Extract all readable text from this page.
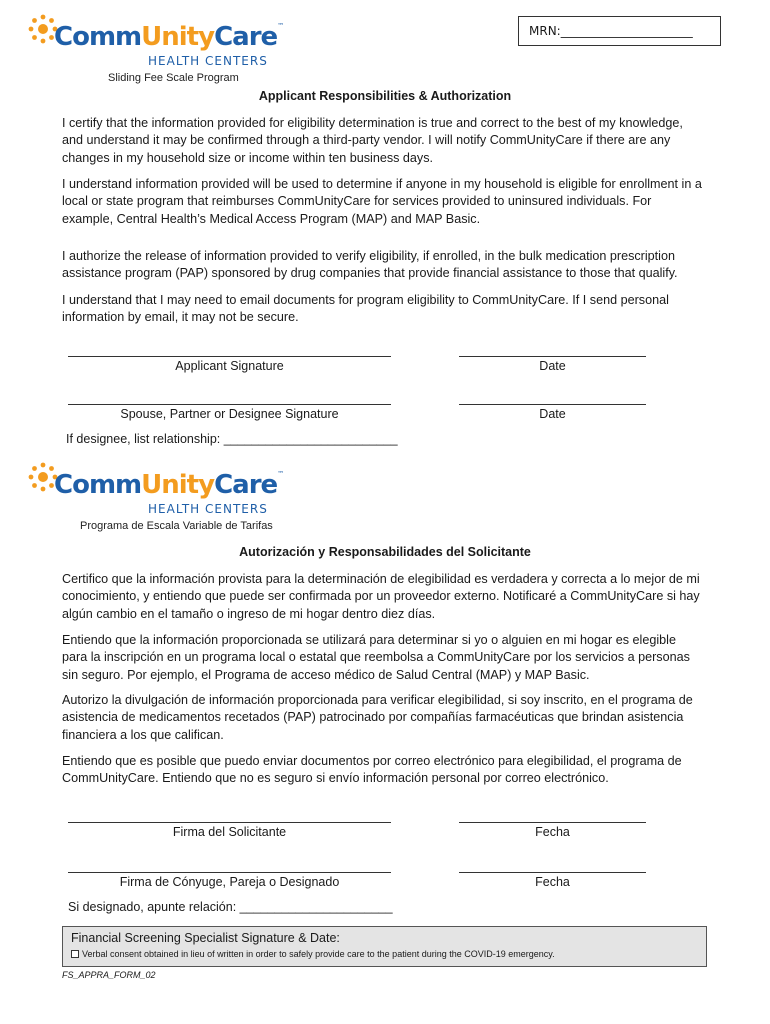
MRN:______________________
CommUnityCare™
HEALTH CENTERS
Sliding Fee Scale Program
Applicant Responsibilities & Authorization

I certify that the information provided for eligibility determination is true and correct to the best of my knowledge, and understand it may be confirmed through a third-party vendor. I will notify CommUnityCare if there are any changes in my household size or income within ten business days.

I understand information provided will be used to determine if anyone in my household is eligible for enrollment in a local or state program that reimburses CommUnityCare for services provided to uninsured individuals. For example, Central Health’s Medical Access Program (MAP) and MAP Basic.

I authorize the release of information provided to verify eligibility, if enrolled, in the bulk medication prescription assistance program (PAP) sponsored by drug companies that provide financial assistance to those that qualify.

I understand that I may need to email documents for program eligibility to CommUnityCare. If I send personal information by email, it may not be secure.

Applicant Signature	Date
Spouse, Partner or Designee Signature	Date
If designee, list relationship: _________________________
CommUnityCare™
HEALTH CENTERS
Programa de Escala Variable de Tarifas
Autorización y Responsabilidades del Solicitante

Certifico que la información provista para la determinación de elegibilidad es verdadera y correcta a lo mejor de mi conocimiento, y entiendo que puede ser confirmada por un proveedor externo. Notificaré a CommUnityCare si hay algún cambio en el tamaño o ingreso de mi hogar dentro diez días.

Entiendo que la información proporcionada se utilizará para determinar si yo o alguien en mi hogar es elegible para la inscripción en un programa local o estatal que reembolsa a CommUnityCare por los servicios a personas sin seguro. Por ejemplo, el Programa de acceso médico de Salud Central (MAP) y MAP Basic.

Autorizo la divulgación de información proporcionada para verificar elegibilidad, si soy inscrito, en el programa de asistencia de medicamentos recetados (PAP) patrocinado por compañías farmacéuticas que brindan asistencia financiera a los que califican.

Entiendo que es posible que puedo enviar documentos por correo electrónico para elegibilidad, el programa de CommUnityCare. Entiendo que no es seguro si envío información personal por correo electrónico.

Firma del Solicitante	Fecha
Firma de Cónyuge, Pareja o Designado	Fecha
Si designado, apunte relación: ______________________
Financial Screening Specialist Signature & Date:
Verbal consent obtained in lieu of written in order to safely provide care to the patient during the COVID-19 emergency.
FS_APPRA_FORM_02
